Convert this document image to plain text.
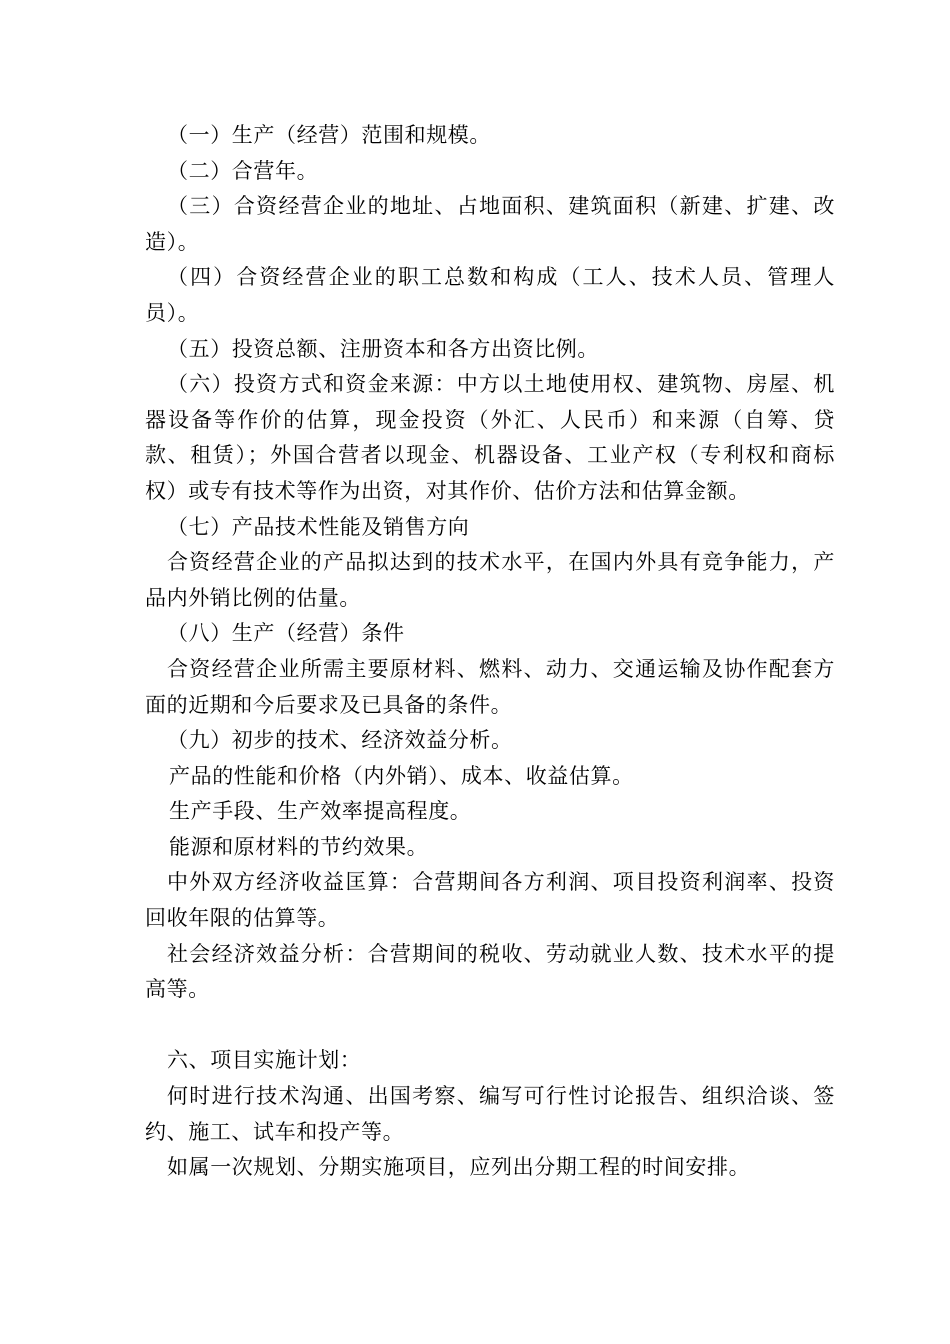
（一）生产（经营）范围和规模。

（二）合营年。

（三）合资经营企业的地址、占地面积、建筑面积（新建、扩建、改造）。

（四）合资经营企业的职工总数和构成（工人、技术人员、管理人员）。

（五）投资总额、注册资本和各方出资比例。

（六）投资方式和资金来源：中方以土地使用权、建筑物、房屋、机器设备等作价的估算，现金投资（外汇、人民币）和来源（自筹、贷款、租赁）；外国合营者以现金、机器设备、工业产权（专利权和商标权）或专有技术等作为出资，对其作价、估价方法和估算金额。

（七）产品技术性能及销售方向

合资经营企业的产品拟达到的技术水平，在国内外具有竞争能力，产品内外销比例的估量。

（八）生产（经营）条件

合资经营企业所需主要原材料、燃料、动力、交通运输及协作配套方面的近期和今后要求及已具备的条件。

（九）初步的技术、经济效益分析。

产品的性能和价格（内外销）、成本、收益估算。

生产手段、生产效率提高程度。

能源和原材料的节约效果。

中外双方经济收益匡算：合营期间各方利润、项目投资利润率、投资回收年限的估算等。

社会经济效益分析：合营期间的税收、劳动就业人数、技术水平的提高等。

六、项目实施计划：

何时进行技术沟通、出国考察、编写可行性讨论报告、组织洽谈、签约、施工、试车和投产等。

如属一次规划、分期实施项目，应列出分期工程的时间安排。
